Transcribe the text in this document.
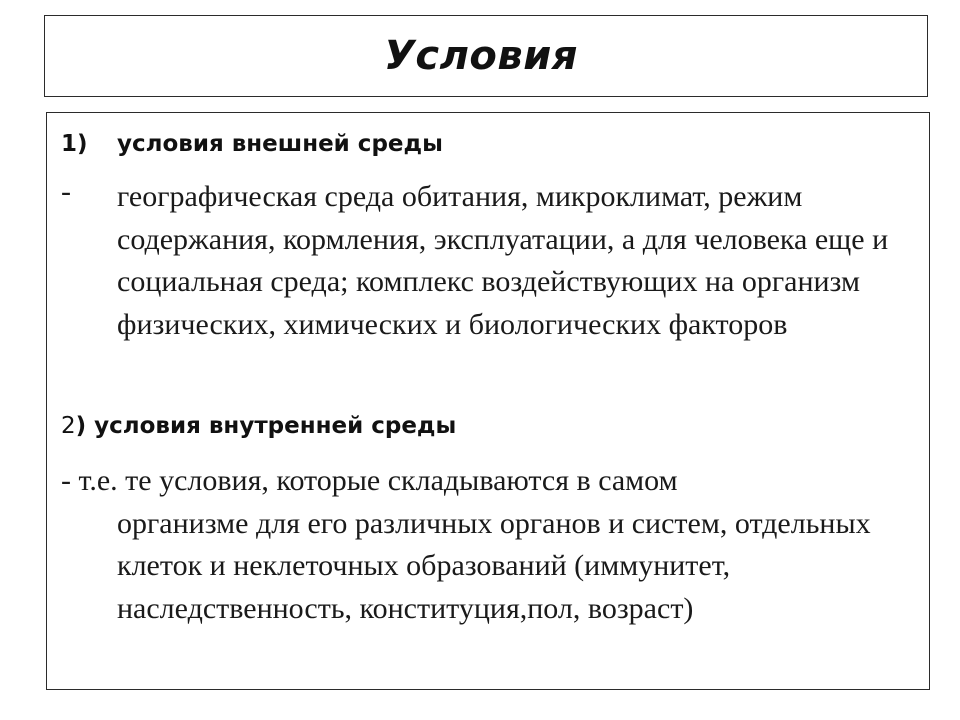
Условия
1) условия внешней среды
- географическая среда обитания, микроклимат, режим содержания, кормления, эксплуатации, а для человека еще и социальная среда; комплекс воздействующих на организм физических, химических и биологических факторов
2) условия внутренней среды
- т.е. те условия, которые складываются в самом
организме для его различных органов и систем, отдельных клеток и неклеточных образований (иммунитет, наследственность, конституция,пол, возраст)
